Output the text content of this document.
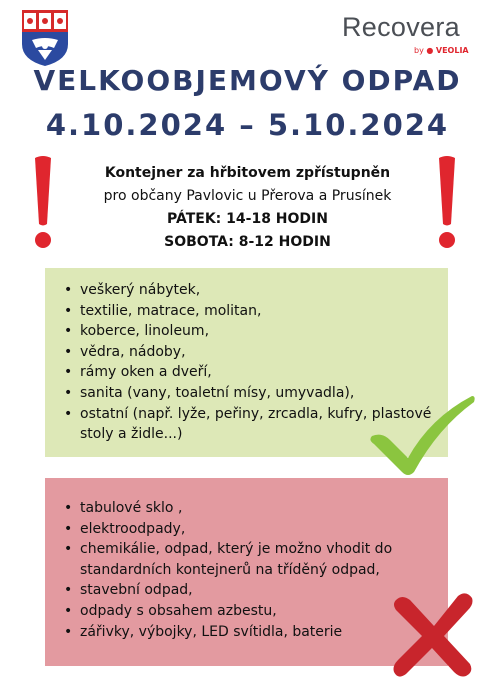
Recovera
by ● VEOLIA
VELKOOBJEMOVÝ ODPAD
4.10.2024 – 5.10.2024
Kontejner za hřbitovem zpřístupněn
pro občany Pavlovic u Přerova a Prusínek
PÁTEK: 14-18 HODIN
SOBOTA: 8-12 HODIN
• veškerý nábytek,
• textilie, matrace, molitan,
• koberce, linoleum,
• vědra, nádoby,
• rámy oken a dveří,
• sanita (vany, toaletní mísy, umyvadla),
• ostatní (např. lyže, peřiny, zrcadla, kufry, plastové stoly a židle...)
• tabulové sklo ,
• elektroodpady,
• chemikálie, odpad, který je možno vhodit do standardních kontejnerů na tříděný odpad,
• stavební odpad,
• odpady s obsahem azbestu,
• zářivky, výbojky, LED svítidla, baterie
